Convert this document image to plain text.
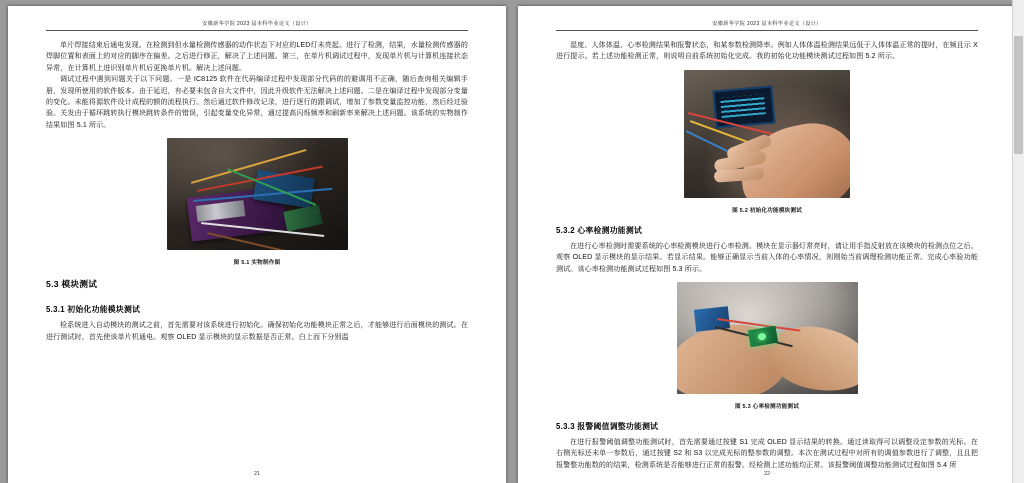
安徽新华学院 2023 届本科毕业论文（设计）

单片焊接结束后通电发现。在检测到但水量检测传感器的动作状态下对应的LED灯未亮起。进行了检测，结果，水量检测传感器的焊脚位置和表面上的对应的脚序在偏差。之后进行修正，解决了上述问题。第三，在单片机调试过程中，发现单片机与计算机连接状态异常，在计算机上进识别单片机后更换单片机。解决上述问题。

调试过程中遇到问题关于以下问题。一是 IC8125 软件在代码编译过程中发现部分代码的的避调用不正确，随后查询相关编辑手册，发现所使用的软件版本。由于延迟，有必要未包含自大文件中，因此升级软件无法解决上述问题。二是在编译过程中发现部分变量的变化。未能将源软件设计成程的额的流程执行。然后通过软件修改记录，进行逐行的跟调试，增加了参数变量监控功能，然后经过验验。关发由于循环跳转执行模块跳转条件的错误，引起变量变化异常，通过提高闪烁频率和刷新率来解决上述问题。该系统的实物制作结果如图 5.1 所示。

图 5.1 实物制作图
5.3 模块测试
5.3.1 初始化功能模块测试

检系统进入自动模块的测试之前，首先需要对该系统进行初始化。确保初始化功能模块正常之后，才能够进行后面模块的测试。在进行测试时，首先使该单片机通电。观察 OLED 显示模块的显示数据是否正常。白上而下分别温

21
安徽新华学院 2023 届本科毕业论文（设计）

湿度、人体体温、心率检测结果和报警状态，和某参数检测降率。例如人体体温检测结果远低于人体体温正常的提时，在频且示 X 进行提示。若上述功能检测正常，则说明自前系统初始化完成。我的初始化功能模块测试过程如图 5.2 所示。

图 5.2 初始化功能模块测试
5.3.2 心率检测功能测试

在进行心率检测时需要系统的心率检测模块进行心率检测。模块在显示器灯常亮时，请让用手指反射放在该模块的检测点位之后。观察 OLED 显示模块的显示结果。若显示结果。能够正确显示当前入体的心率情况，则刚始当前调理检测功能正常。完成心率验功能测试。该心率检测功能测试过程如图 5.3 所示。

图 5.3 心率检测功能测试
5.3.3 报警阈值调整功能测试

在进行报警阈值调整功能测试时，首先需要通过按键 S1 完成 OLED 显示结果的转换。通过读取得可以调整设定参数的光标。在右侧光标还未单一参数后，通过按键 S2 和 S3 以完成光标的整参数的调整。本次在测试过程中对所有的调值参数进行了调整，且且把报警整功能数的的结果，检测系统是否能够进行正常的报警。经检测上述功能均正常。该报警阈值调整功能测试过程如图 5.4 所

22
